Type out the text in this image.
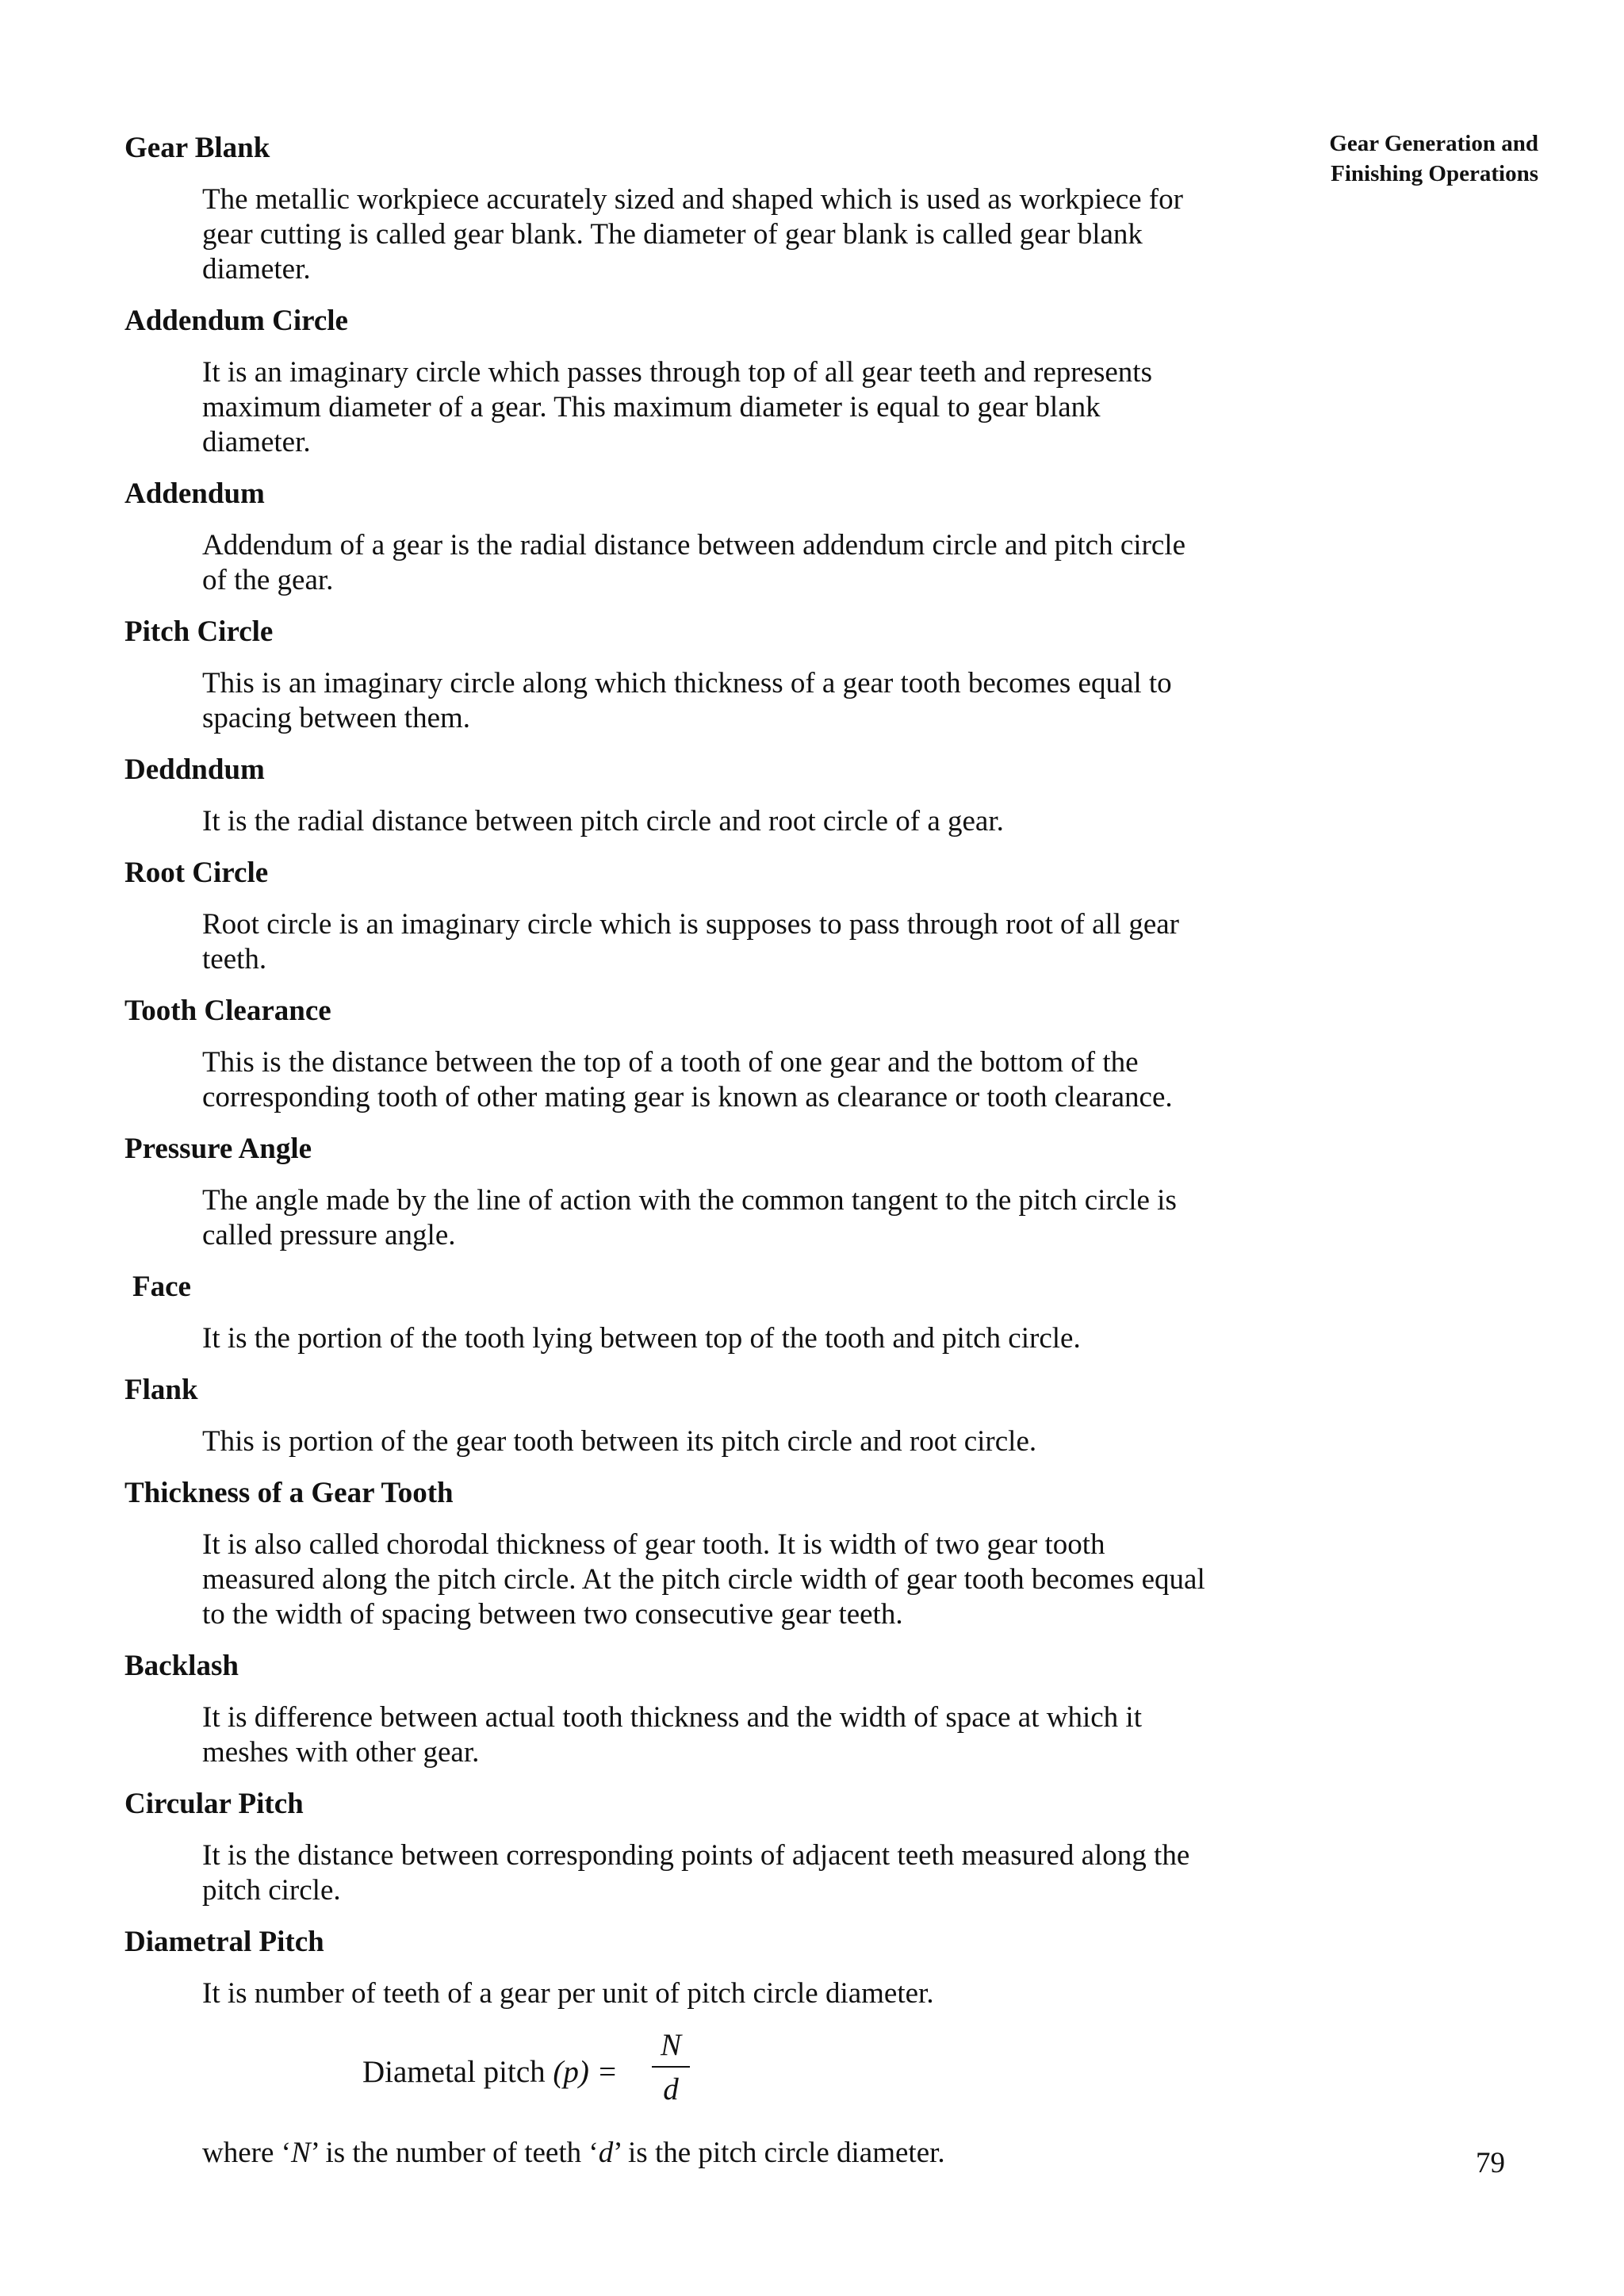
Gear Generation and
Finishing Operations
Gear Blank
The metallic workpiece accurately sized and shaped which is used as workpiece for gear cutting is called gear blank. The diameter of gear blank is called gear blank diameter.
Addendum Circle
It is an imaginary circle which passes through top of all gear teeth and represents maximum diameter of a gear. This maximum diameter is equal to gear blank diameter.
Addendum
Addendum of a gear is the radial distance between addendum circle and pitch circle of the gear.
Pitch Circle
This is an imaginary circle along which thickness of a gear tooth becomes equal to spacing between them.
Deddndum
It is the radial distance between pitch circle and root circle of a gear.
Root Circle
Root circle is an imaginary circle which is supposes to pass through root of all gear teeth.
Tooth Clearance
This is the distance between the top of a tooth of one gear and the bottom of the corresponding tooth of other mating gear is known as clearance or tooth clearance.
Pressure Angle
The angle made by the line of action with the common tangent to the pitch circle is called pressure angle.
Face
It is the portion of the tooth lying between top of the tooth and pitch circle.
Flank
This is portion of the gear tooth between its pitch circle and root circle.
Thickness of a Gear Tooth
It is also called chorodal thickness of gear tooth. It is width of two gear tooth measured along the pitch circle. At the pitch circle width of gear tooth becomes equal to the width of spacing between two consecutive gear teeth.
Backlash
It is difference between actual tooth thickness and the width of space at which it meshes with other gear.
Circular Pitch
It is the distance between corresponding points of adjacent teeth measured along the pitch circle.
Diametral Pitch
It is number of teeth of a gear per unit of pitch circle diameter.
Diametal pitch (p) =
N
d
where ‘N’ is the number of teeth ‘d’ is the pitch circle diameter.	79
